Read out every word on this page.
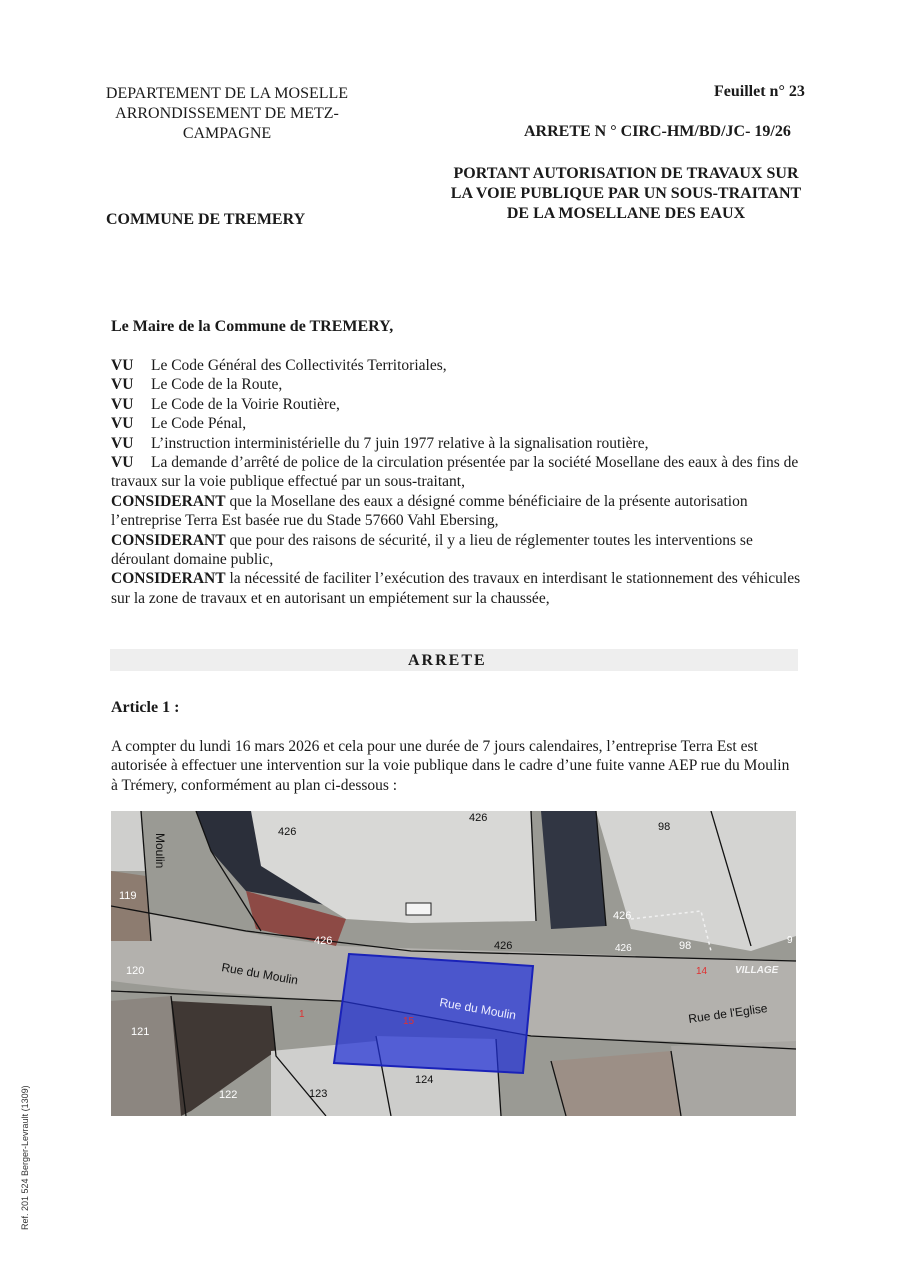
DEPARTEMENT DE LA MOSELLE
ARRONDISSEMENT DE METZ-CAMPAGNE
COMMUNE DE TREMERY
Feuillet n° 23
ARRETE N ° CIRC-HM/BD/JC- 19/26
PORTANT AUTORISATION DE TRAVAUX SUR LA VOIE PUBLIQUE PAR UN SOUS-TRAITANT DE LA MOSELLANE DES EAUX
Le Maire de la Commune de TREMERY,
VU Le Code Général des Collectivités Territoriales,
VU Le Code de la Route,
VU Le Code de la Voirie Routière,
VU Le Code Pénal,
VU L’instruction interministérielle du 7 juin 1977 relative à la signalisation routière,
VU La demande d’arrêté de police de la circulation présentée par la société Mosellane des eaux à des fins de travaux sur la voie publique effectué par un sous-traitant,
CONSIDERANT que la Mosellane des eaux a désigné comme bénéficiaire de la présente autorisation l’entreprise Terra Est basée rue du Stade 57660 Vahl Ebersing,
CONSIDERANT que pour des raisons de sécurité, il y a lieu de réglementer toutes les interventions se déroulant domaine public,
CONSIDERANT la nécessité de faciliter l’exécution des travaux en interdisant le stationnement des véhicules sur la zone de travaux et en autorisant un empiétement sur la chaussée,
ARRETE
Article 1 :
A compter du lundi 16 mars 2026 et cela pour une durée de 7 jours calendaires, l’entreprise Terra Est est autorisée à effectuer une intervention sur la voie publique dans le cadre d’une fuite vanne AEP rue du Moulin à Trémery, conformément au plan ci-dessous :
Moulin
426
426
98
426
426	426	426	98
119
120
121
122	123
124
Rue du Moulin
Rue du Moulin	Rue de l'Eglise
VILLAGE
14
15
1
9
Ref. 201 524 Berger-Levrault (1309)
